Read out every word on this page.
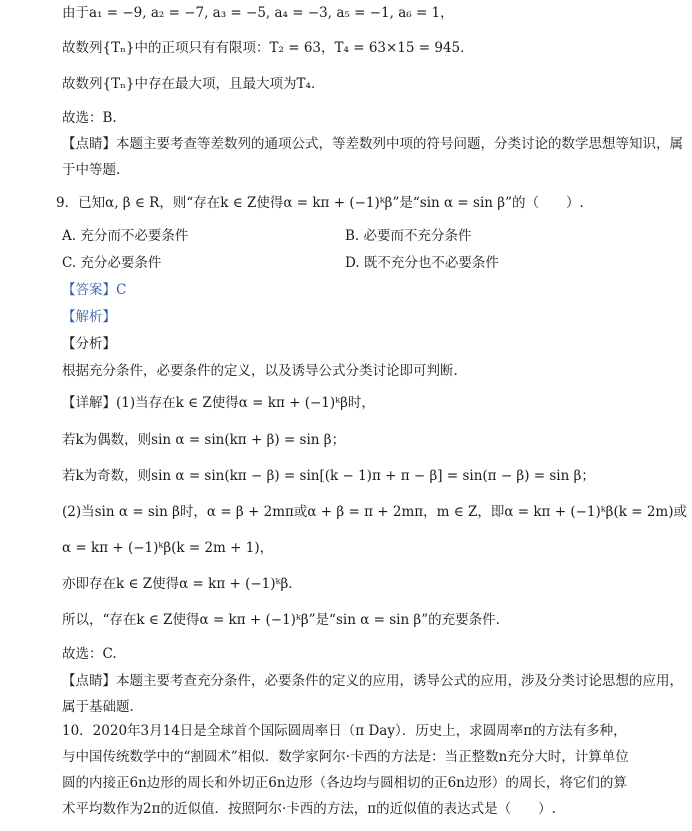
由于a₁ = −9, a₂ = −7, a₃ = −5, a₄ = −3, a₅ = −1, a₆ = 1，
故数列{Tₙ}中的正项只有有限项：T₂ = 63，T₄ = 63×15 = 945．
故数列{Tₙ}中存在最大项，且最大项为T₄．
故选：B.
【点睛】本题主要考查等差数列的通项公式，等差数列中项的符号问题，分类讨论的数学思想等知识，属
于中等题.
9．已知α, β ∈ R，则“存在k ∈ Z使得α = kπ + (−1)ᵏβ”是“sin α = sin β”的（　　）.
A. 充分而不必要条件	B. 必要而不充分条件
C. 充分必要条件	D. 既不充分也不必要条件
【答案】C
【解析】
【分析】
根据充分条件，必要条件的定义，以及诱导公式分类讨论即可判断.
【详解】(1)当存在k ∈ Z使得α = kπ + (−1)ᵏβ时，
若k为偶数，则sin α = sin(kπ + β) = sin β；
若k为奇数，则sin α = sin(kπ − β) = sin[(k − 1)π + π − β] = sin(π − β) = sin β；
(2)当sin α = sin β时，α = β + 2mπ或α + β = π + 2mπ，m ∈ Z，即α = kπ + (−1)ᵏβ(k = 2m)或
α = kπ + (−1)ᵏβ(k = 2m + 1)，
亦即存在k ∈ Z使得α = kπ + (−1)ᵏβ．
所以，“存在k ∈ Z使得α = kπ + (−1)ᵏβ”是“sin α = sin β”的充要条件.
故选：C.
【点睛】本题主要考查充分条件，必要条件的定义的应用，诱导公式的应用，涉及分类讨论思想的应用，
属于基础题.
10．2020年3月14日是全球首个国际圆周率日（π Day）．历史上，求圆周率π的方法有多种，与中国传统数学中的“割圆术”相似．数学家阿尔·卡西的方法是：当正整数n充分大时，计算单位圆的内接正6n边形的周长和外切正6n边形（各边均与圆相切的正6n边形）的周长，将它们的算术平均数作为2π的近似值．按照阿尔·卡西的方法，π的近似值的表达式是（　　）.
